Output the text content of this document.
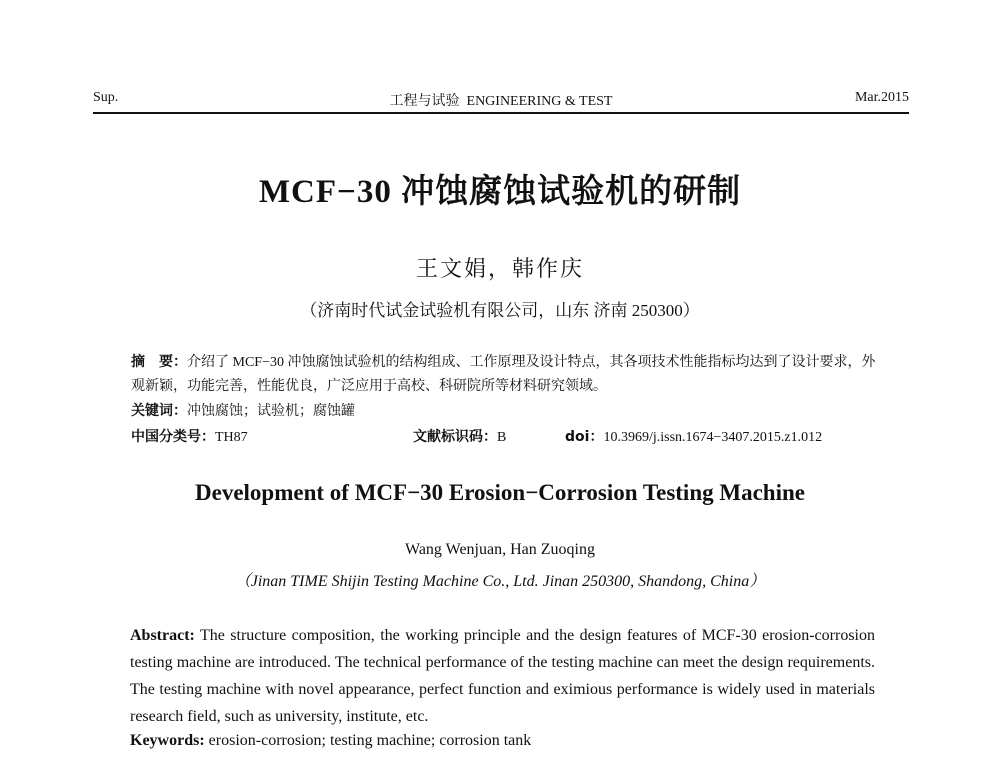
Sup.	工程与试验 ENGINEERING & TEST	Mar.2015
MCF−30 冲蚀腐蚀试验机的研制
王文娟，韩作庆
（济南时代试金试验机有限公司，山东 济南 250300）
摘　要：介绍了 MCF−30 冲蚀腐蚀试验机的结构组成、工作原理及设计特点，其各项技术性能指标均达到了设计要求，外观新颖，功能完善，性能优良，广泛应用于高校、科研院所等材料研究领域。
关键词：冲蚀腐蚀；试验机；腐蚀罐
中国分类号：TH87	文献标识码：B	doi：10.3969/j.issn.1674−3407.2015.z1.012
Development of MCF−30 Erosion−Corrosion Testing Machine
Wang Wenjuan, Han Zuoqing
（Jinan TIME Shijin Testing Machine Co., Ltd. Jinan 250300, Shandong, China）
Abstract: The structure composition, the working principle and the design features of MCF-30 erosion-corrosion testing machine are introduced. The technical performance of the testing machine can meet the design requirements. The testing machine with novel appearance, perfect function and eximious performance is widely used in materials research field, such as university, institute, etc.
Keywords: erosion-corrosion; testing machine; corrosion tank
